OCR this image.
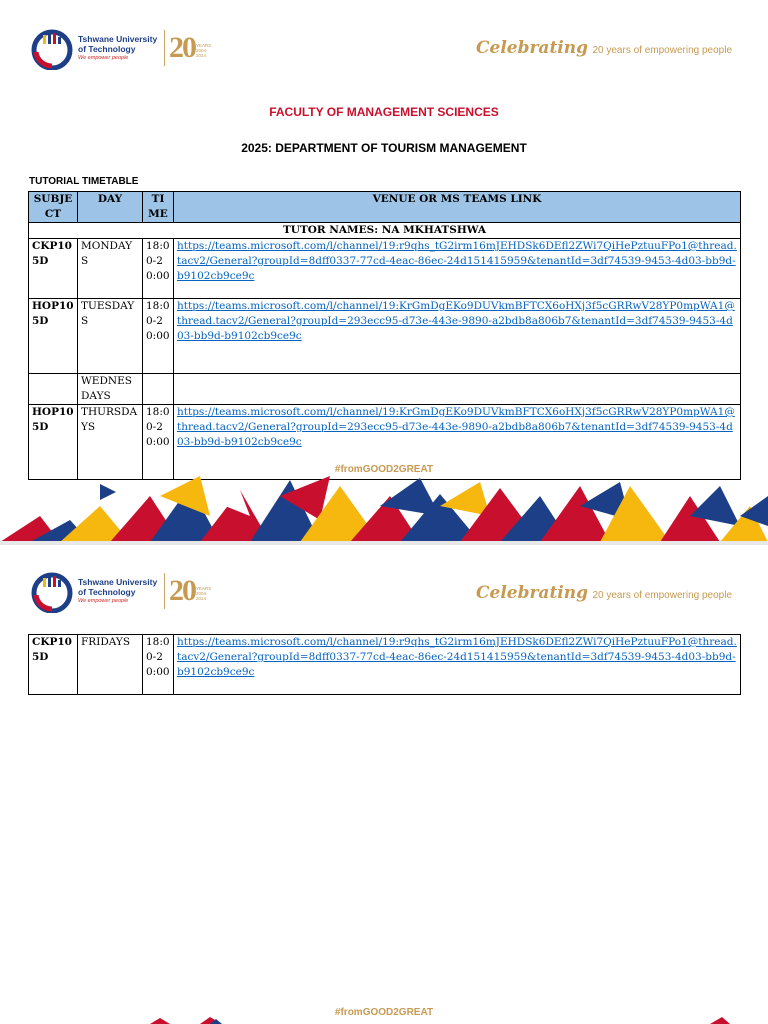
Tshwane University of Technology
We empower people 20 YEARS 2004-2024	Celebrating 20 years of empowering people
FACULTY OF MANAGEMENT SCIENCES
2025: DEPARTMENT OF TOURISM MANAGEMENT
TUTORIAL TIMETABLE
SUBJECT	DAY	TIME	VENUE OR MS TEAMS LINK
TUTOR NAMES: NA MKHATSHWA			
CKP105D	MONDAYS	18:00-20:00	https://teams.microsoft.com/l/channel/19:r9qhs_tG2irm16mJEHDSk6DEfl2ZWi7QiHePztuuFPo1@thread.tacv2/General?groupId=8dff0337-77cd-4eac-86ec-24d151415959&tenantId=3df74539-9453-4d03-bb9d-b9102cb9ce9c
HOP105D	TUESDAYS	18:00-20:00	https://teams.microsoft.com/l/channel/19:KrGmDgEKo9DUVkmBFTCX6oHXj3f5cGRRwV28YP0mpWA1@thread.tacv2/General?groupId=293ecc95-d73e-443e-9890-a2bdb8a806b7&tenantId=3df74539-9453-4d03-bb9d-b9102cb9ce9c
	WEDNESDAYS		
HOP105D	THURSDAYS	18:00-20:00	https://teams.microsoft.com/l/channel/19:KrGmDgEKo9DUVkmBFTCX6oHXj3f5cGRRwV28YP0mpWA1@thread.tacv2/General?groupId=293ecc95-d73e-443e-9890-a2bdb8a806b7&tenantId=3df74539-9453-4d03-bb9d-b9102cb9ce9c
#fromGOOD2GREAT
Tshwane University of Technology
We empower people 20 YEARS 2004-2024	Celebrating 20 years of empowering people
CKP105D	FRIDAYS	18:00-20:00	https://teams.microsoft.com/l/channel/19:r9qhs_tG2irm16mJEHDSk6DEfl2ZWi7QiHePztuuFPo1@thread.tacv2/General?groupId=8dff0337-77cd-4eac-86ec-24d151415959&tenantId=3df74539-9453-4d03-bb9d-b9102cb9ce9c
#fromGOOD2GREAT
